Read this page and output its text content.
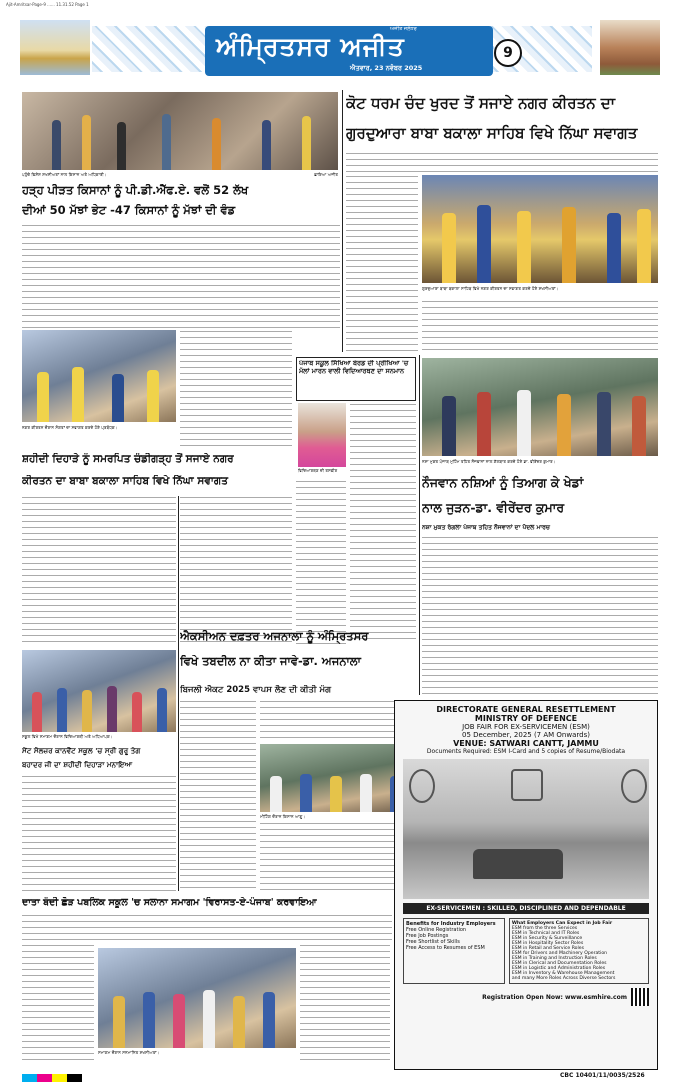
Ajit-Amritsar-Page-9 ...... 11.31.52 Page 1
ਅਜੀਤ ਜਲੰਧਰ
ਅੰਮ੍ਰਿਤਸਰ ਅਜੀਤ
ਐਤਵਾਰ, 23 ਨਵੰਬਰ 2025
9
ਪਹੁੰਚੇ ਵਿਸ਼ੇਸ਼ ਸ਼ਖਸੀਅਤਾਂ ਨਾਲ ਕਿਸਾਨ ਅਤੇ ਅਧਿਕਾਰੀ।	ਛਾਇਆ ਅਜੀਤ
ਕੋਟ ਧਰਮ ਚੰਦ ਖੁਰਦ ਤੋਂ ਸਜਾਏ ਨਗਰ ਕੀਰਤਨ ਦਾ
ਗੁਰਦੁਆਰਾ ਬਾਬਾ ਬਕਾਲਾ ਸਾਹਿਬ ਵਿਖੇ ਨਿੱਘਾ ਸਵਾਗਤ
ਗੁਰਦੁਆਰਾ ਬਾਬਾ ਬਕਾਲਾ ਸਾਹਿਬ ਵਿਖੇ ਨਗਰ ਕੀਰਤਨ ਦਾ ਸਵਾਗਤ ਕਰਦੇ ਹੋਏ ਸ਼ਖਸੀਅਤਾਂ।
ਹੜ੍ਹ ਪੀੜਤ ਕਿਸਾਨਾਂ ਨੂੰ ਪੀ.ਡੀ.ਐੱਫ.ਏ. ਵਲੋਂ 52 ਲੱਖ
ਦੀਆਂ 50 ਮੱਝਾਂ ਭੇਟ -47 ਕਿਸਾਨਾਂ ਨੂੰ ਮੱਝਾਂ ਦੀ ਵੰਡ
ਨਗਰ ਕੀਰਤਨ ਦੌਰਾਨ ਸੰਗਤਾਂ ਦਾ ਸਵਾਗਤ ਕਰਦੇ ਹੋਏ ਪ੍ਰਬੰਧਕ।
ਸ਼ਹੀਦੀ ਦਿਹਾੜੇ ਨੂੰ ਸਮਰਪਿਤ ਚੰਡੀਗੜ੍ਹ ਤੋਂ ਸਜਾਏ ਨਗਰ
ਕੀਰਤਨ ਦਾ ਬਾਬਾ ਬਕਾਲਾ ਸਾਹਿਬ ਵਿਖੇ ਨਿੱਘਾ ਸਵਾਗਤ
ਪੰਜਾਬ ਸਕੂਲ ਸਿੱਖਿਆ ਬੋਰਡ ਦੀ ਪ੍ਰੀਖਿਆ 'ਚ ਮੱਲਾਂ ਮਾਰਨ ਵਾਲੀ ਵਿਦਿਆਰਥਣ ਦਾ ਸਨਮਾਨ
ਵਿਦਿਆਰਥਣ ਦੀ ਤਸਵੀਰ
ਨਸ਼ਾ ਮੁਕਤ ਪੰਜਾਬ ਮੁਹਿੰਮ ਤਹਿਤ ਨੌਜਵਾਨਾਂ ਨਾਲ ਗੱਲਬਾਤ ਕਰਦੇ ਹੋਏ ਡਾ. ਵੀਰੇਂਦਰ ਕੁਮਾਰ।
ਨੌਜਵਾਨ ਨਸ਼ਿਆਂ ਨੂੰ ਤਿਆਗ ਕੇ ਖੇਡਾਂ
ਨਾਲ ਜੁੜਨ-ਡਾ. ਵੀਰੇਂਦਰ ਕੁਮਾਰ
ਨਸ਼ਾ ਮੁਕਤ ਰੰਗਲਾ ਪੰਜਾਬ ਤਹਿਤ ਨੌਜਵਾਨਾਂ ਦਾ ਪੈਦਲ ਮਾਰਚ
ਸਕੂਲ ਵਿਖੇ ਸਮਾਗਮ ਦੌਰਾਨ ਵਿਦਿਆਰਥੀ ਅਤੇ ਅਧਿਆਪਕ।
ਸੇਂਟ ਸੋਲਜ਼ਰ ਕਾਨਵੈਂਟ ਸਕੂਲ 'ਚ ਸ੍ਰੀ ਗੁਰੂ ਤੇਗ
ਬਹਾਦਰ ਜੀ ਦਾ ਸ਼ਹੀਦੀ ਦਿਹਾੜਾ ਮਨਾਇਆ
ਐਕਸੀਅਨ ਦਫ਼ਤਰ ਅਜਨਾਲਾ ਨੂੰ ਅੰਮ੍ਰਿਤਸਰ
ਵਿਖੇ ਤਬਦੀਲ ਨਾ ਕੀਤਾ ਜਾਵੇ-ਡਾ. ਅਜਨਾਲਾ
ਬਿਜਲੀ ਐਕਟ 2025 ਵਾਪਸ ਲੈਣ ਦੀ ਕੀਤੀ ਮੰਗ
ਮੀਟਿੰਗ ਦੌਰਾਨ ਕਿਸਾਨ ਆਗੂ।
DIRECTORATE GENERAL RESETTLEMENT
MINISTRY OF DEFENCE
JOB FAIR FOR EX-SERVICEMEN (ESM)
05 December, 2025 (7 AM Onwards)
VENUE: SATWARI CANTT, JAMMU
Documents Required: ESM I-Card and 5 copies of Resume/Biodata
EX-SERVICEMEN : SKILLED, DISCIPLINED AND DEPENDABLE
Benefits for Industry Employers
Free Online Registration
Free Job Postings
Free Shortlist of Skills
Free Access to Resumes of ESM
What Employers Can Expect in Job Fair
ESM from the three Services
ESM in Technical and IT Roles
ESM in Security & Surveillance
ESM in Hospitality Sector Roles
ESM in Retail and Service Roles
ESM for Drivers and Machinery Operation
ESM in Training and Instruction Roles
ESM in Clerical and Documentation Roles
ESM in Logistic and Administration Roles
ESM in Inventory & Warehouse Management
and many More Roles Across Diverse Sectors
Registration Open Now: www.esmhire.com
CBC 10401/11/0035/2526
ਦਾਤਾ ਬੰਦੀ ਛੋੜ ਪਬਲਿਕ ਸਕੂਲ 'ਚ ਸਲਾਨਾ ਸਮਾਗਮ 'ਵਿਰਾਸਤ-ਏ-ਪੰਜਾਬ' ਕਰਵਾਇਆ
ਸਮਾਗਮ ਦੌਰਾਨ ਸਨਮਾਨਿਤ ਸ਼ਖਸੀਅਤਾਂ।
